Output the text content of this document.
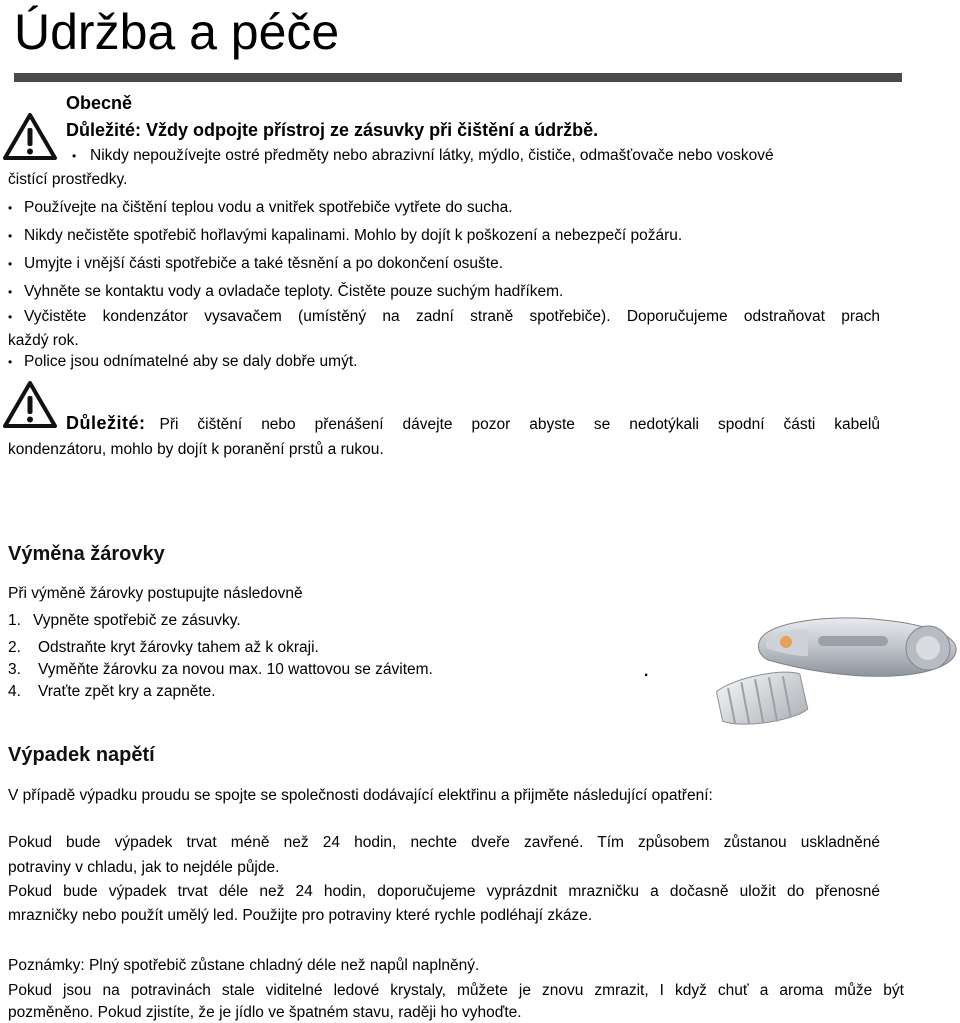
Údržba a péče
Obecně
Důležité: Vždy odpojte přístroj ze zásuvky při čištění a údržbě.
• Nikdy nepoužívejte ostré předměty nebo abrazivní látky, mýdlo, čističe, odmašťovače nebo voskové
čistící prostředky.
• Používejte na čištění teplou vodu a vnitřek spotřebiče vytřete do sucha.
• Nikdy nečistěte spotřebič hořlavými kapalinami. Mohlo by dojít k poškození a nebezpečí požáru.
• Umyjte i vnější části spotřebiče a také těsnění a po dokončení osušte.
• Vyhněte se kontaktu vody a ovladače teploty. Čistěte pouze suchým hadříkem.
• Vyčistěte kondenzátor vysavačem (umístěný na zadní straně spotřebiče). Doporučujeme odstraňovat prach
každý rok.
• Police jsou odnímatelné aby se daly dobře umýt.
Důležité: Při čištění nebo přenášení dávejte pozor abyste se nedotýkali spodní části kabelů
kondenzátoru, mohlo by dojít k poranění prstů a rukou.
Výměna žárovky
Při výměně žárovky postupujte následovně
1. Vypněte spotřebič ze zásuvky.
2. Odstraňte kryt žárovky tahem až k okraji.
3. Vyměňte žárovku za novou max. 10 wattovou se závitem.
4. Vraťte zpět kry a zapněte.
.
Výpadek napětí
V případě výpadku proudu se spojte se společnosti dodávající elektřinu a přijměte následující opatření:
Pokud bude výpadek trvat méně než 24 hodin, nechte dveře zavřené. Tím způsobem zůstanou uskladněné
potraviny v chladu, jak to nejdéle půjde.
Pokud bude výpadek trvat déle než 24 hodin, doporučujeme vyprázdnit mrazničku a dočasně uložit do přenosné
mrazničky nebo použít umělý led. Použijte pro potraviny které rychle podléhají zkáze.
Poznámky: Plný spotřebič zůstane chladný déle než napůl naplněný.
Pokud jsou na potravinách stale viditelné ledové krystaly, můžete je znovu zmrazit, I když chuť a aroma může být
pozměněno. Pokud zjistíte, že je jídlo ve špatném stavu, raději ho vyhoďte.
